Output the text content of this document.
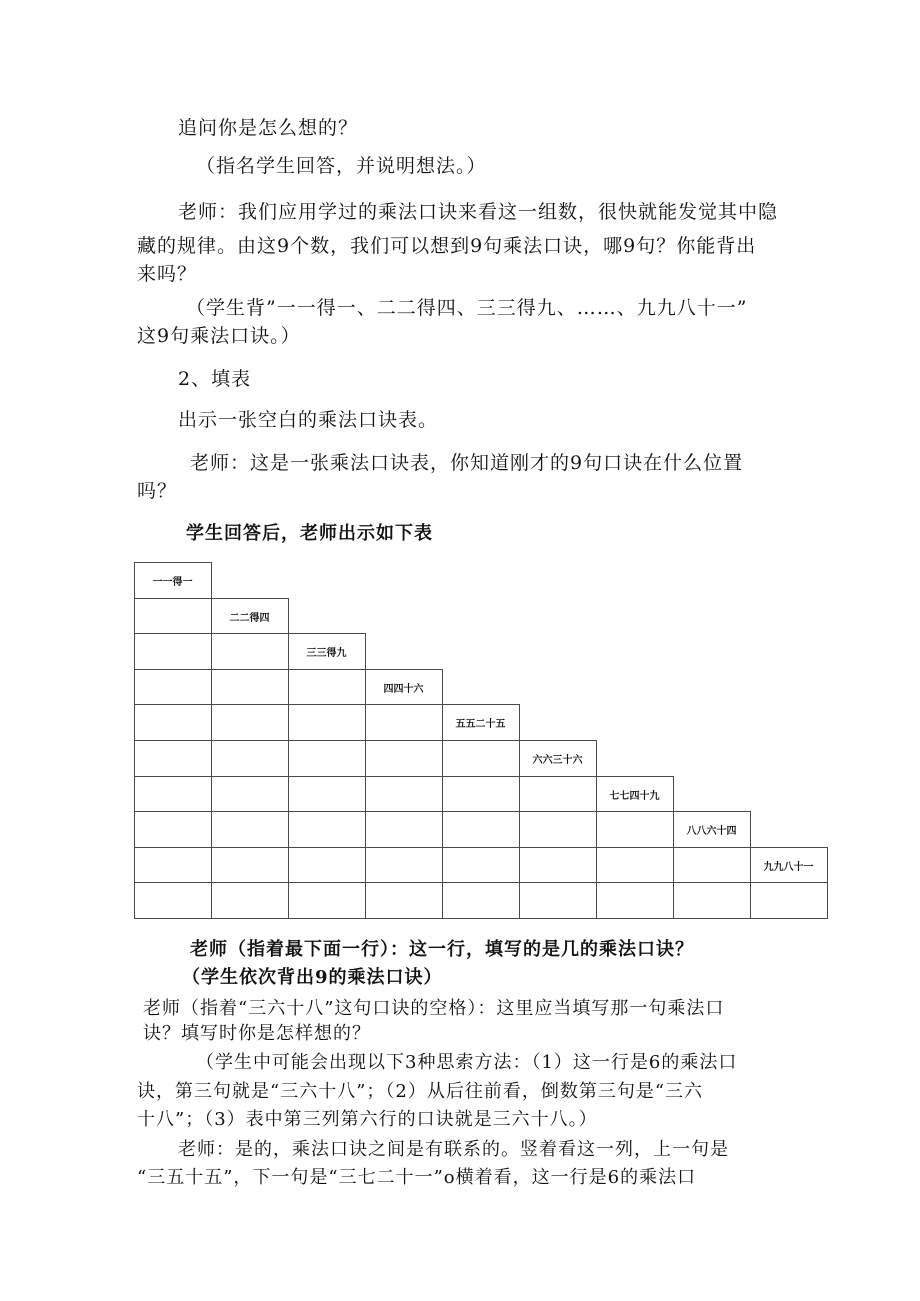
追问你是怎么想的？
（指名学生回答，并说明想法。）
老师：我们应用学过的乘法口诀来看这一组数，很快就能发觉其中隐
藏的规律。由这9个数，我们可以想到9句乘法口诀，哪9句？你能背出
来吗？
（学生背”一一得一、二二得四、三三得九、……、九九八十一”
这9句乘法口诀。）
2、填表
出示一张空白的乘法口诀表。
老师：这是一张乘法口诀表，你知道刚才的9句口诀在什么位置
吗？
学生回答后，老师出示如下表
一一得一
二二得四
三三得九
四四十六
五五二十五
六六三十六
七七四十九
八八六十四
九九八十一
老师（指着最下面一行）：这一行，填写的是几的乘法口诀？
（学生依次背出9的乘法口诀）
老师（指着“三六十八”这句口诀的空格）：这里应当填写那一句乘法口
诀？填写时你是怎样想的？
（学生中可能会出现以下3种思索方法：（1）这一行是6的乘法口
诀，第三句就是“三六十八”；（2）从后往前看，倒数第三句是“三六
十八”；（3）表中第三列第六行的口诀就是三六十八。）
老师：是的，乘法口诀之间是有联系的。竖着看这一列，上一句是
“三五十五”，下一句是“三七二十一”o横着看，这一行是6的乘法口
